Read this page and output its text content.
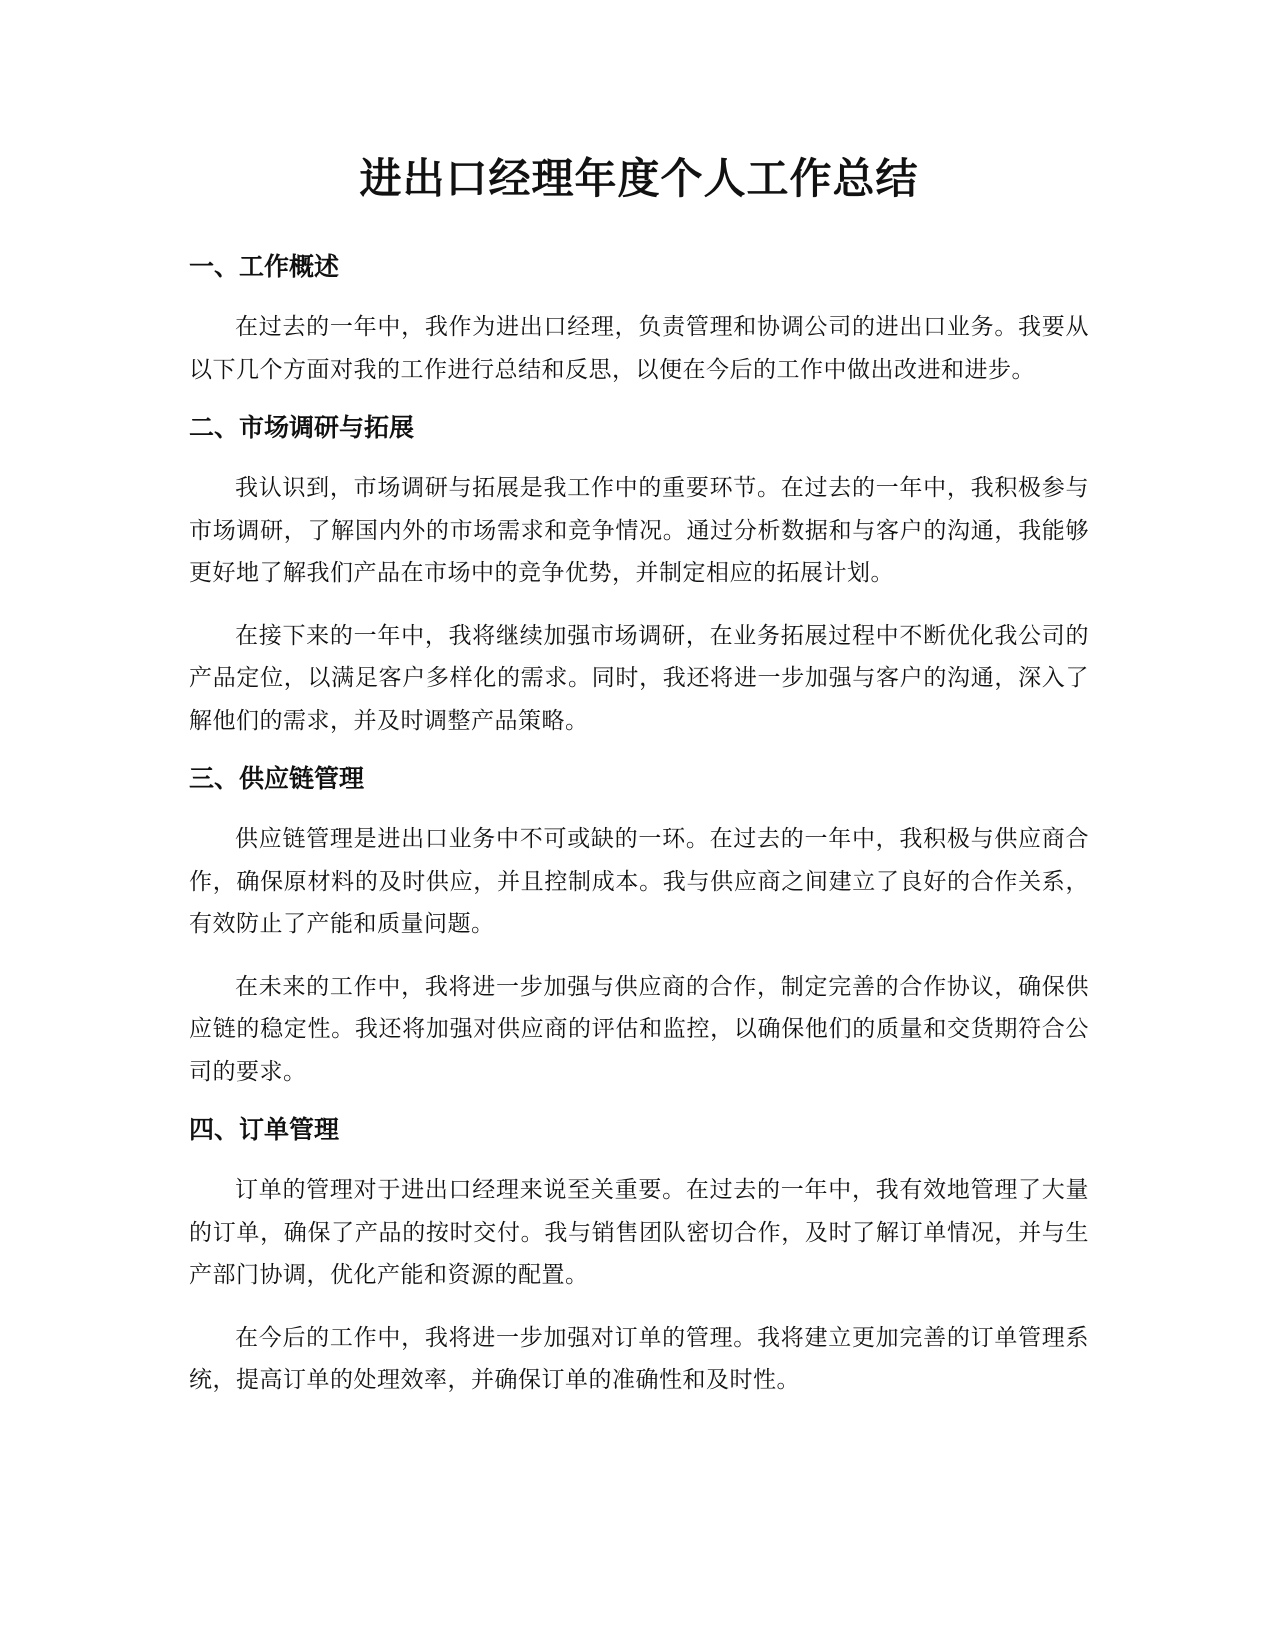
进出口经理年度个人工作总结
一、工作概述

在过去的一年中，我作为进出口经理，负责管理和协调公司的进出口业务。我要从以下几个方面对我的工作进行总结和反思，以便在今后的工作中做出改进和进步。

二、市场调研与拓展

我认识到，市场调研与拓展是我工作中的重要环节。在过去的一年中，我积极参与市场调研，了解国内外的市场需求和竞争情况。通过分析数据和与客户的沟通，我能够更好地了解我们产品在市场中的竞争优势，并制定相应的拓展计划。

在接下来的一年中，我将继续加强市场调研，在业务拓展过程中不断优化我公司的产品定位，以满足客户多样化的需求。同时，我还将进一步加强与客户的沟通，深入了解他们的需求，并及时调整产品策略。

三、供应链管理

供应链管理是进出口业务中不可或缺的一环。在过去的一年中，我积极与供应商合作，确保原材料的及时供应，并且控制成本。我与供应商之间建立了良好的合作关系，有效防止了产能和质量问题。

在未来的工作中，我将进一步加强与供应商的合作，制定完善的合作协议，确保供应链的稳定性。我还将加强对供应商的评估和监控，以确保他们的质量和交货期符合公司的要求。

四、订单管理

订单的管理对于进出口经理来说至关重要。在过去的一年中，我有效地管理了大量的订单，确保了产品的按时交付。我与销售团队密切合作，及时了解订单情况，并与生产部门协调，优化产能和资源的配置。

在今后的工作中，我将进一步加强对订单的管理。我将建立更加完善的订单管理系统，提高订单的处理效率，并确保订单的准确性和及时性。
